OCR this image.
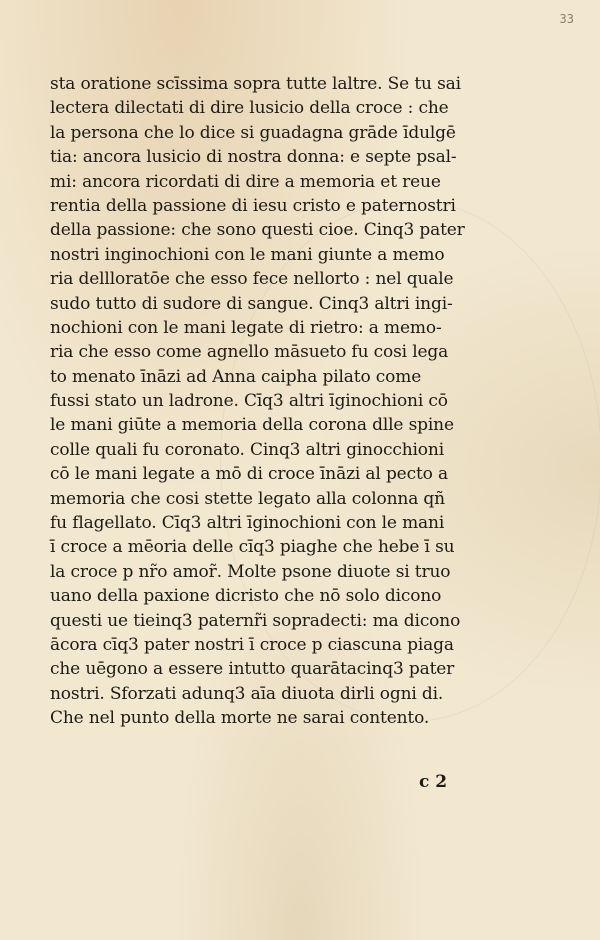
33
sta oratione scīssima sopra tutte laltre. Se tu sai
lectera dilectati di dire lusicio della croce : che
la persona che lo dice si guadagna grāde īdulgē
tia: ancora lusicio di nostra donna: e septe psal-
mi: ancora ricordati di dire a memoria et reue
rentia della passione di iesu cristo e paternostri
della passione: che sono questi cioe. Cinq3 pater
nostri inginochioni con le mani giunte a memo
ria dellloratōe che esso fece nellorto : nel quale
sudo tutto di sudore di sangue. Cinq3 altri ingi-
nochioni con le mani legate di rietro: a memo-
ria che esso come agnello māsueto fu cosi lega
to menato īnāzi ad Anna caipha pilato come
fussi stato un ladrone. Cīq3 altri īginochioni cō
le mani giūte a memoria della corona dlle spine
colle quali fu coronato. Cinq3 altri ginocchioni
cō le mani legate a mō di croce īnāzi al pecto a
memoria che cosi stette legato alla colonna qñ
fu flagellato. Cīq3 altri īginochioni con le mani
ī croce a mēoria delle cīq3 piaghe che hebe ī su
la croce p nr̃o amor̃. Molte psone diuote si truo
uano della paxione dicristo che nō solo dicono
questi ue tieinq3 paternr̃i sopradecti: ma dicono
ācora cīq3 pater nostri ī croce p ciascuna piaga
che uēgono a essere intutto quarātacinq3 pater
nostri. Sforzati adunq3 aīa diuota dirli ogni di.
Che nel punto della morte ne sarai contento.
c 2
